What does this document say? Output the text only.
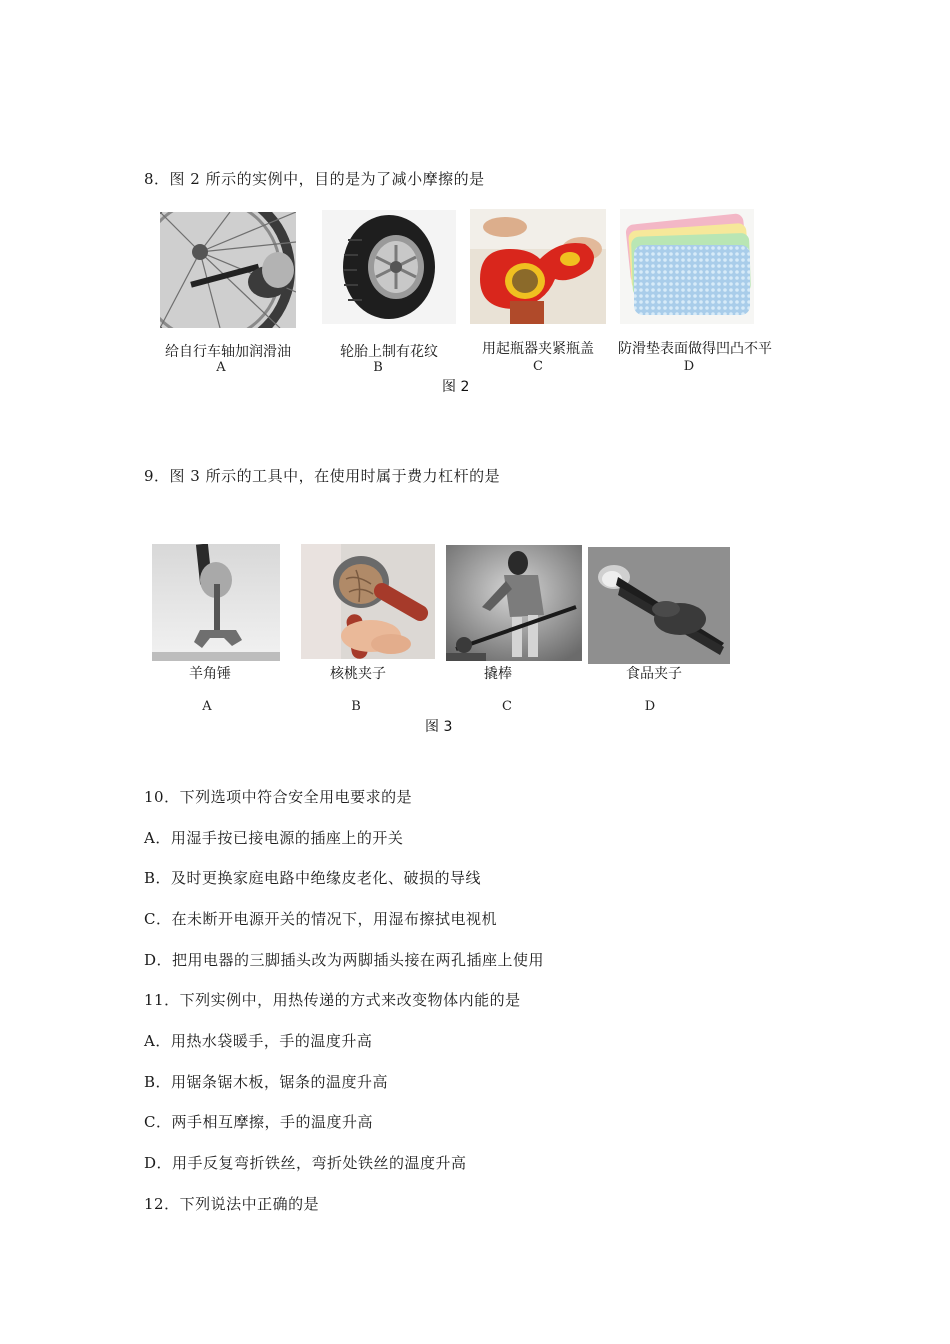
8．图 2 所示的实例中，目的是为了减小摩擦的是
给自行车轴加润滑油
A
轮胎上制有花纹
B
用起瓶器夹紧瓶盖
C
防滑垫表面做得凹凸不平
D
图 2
9．图 3 所示的工具中，在使用时属于费力杠杆的是
羊角锤
A
核桃夹子
B
撬棒
C
食品夹子
D
图 3
10．下列选项中符合安全用电要求的是
A．用湿手按已接电源的插座上的开关
B．及时更换家庭电路中绝缘皮老化、破损的导线
C．在未断开电源开关的情况下，用湿布擦拭电视机
D．把用电器的三脚插头改为两脚插头接在两孔插座上使用
11．下列实例中，用热传递的方式来改变物体内能的是
A．用热水袋暖手，手的温度升高
B．用锯条锯木板，锯条的温度升高
C．两手相互摩擦，手的温度升高
D．用手反复弯折铁丝，弯折处铁丝的温度升高
12．下列说法中正确的是
